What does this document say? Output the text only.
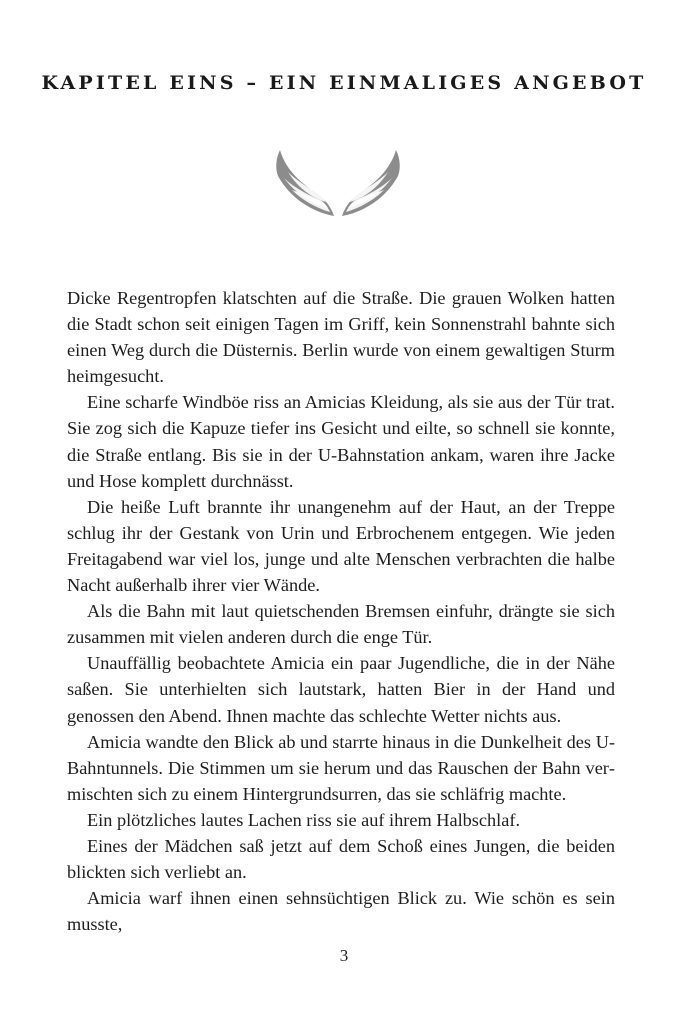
KAPITEL EINS – EIN EINMALIGES ANGEBOT

Dicke Regentropfen klatschten auf die Straße. Die grauen Wolken hatten die Stadt schon seit einigen Tagen im Griff, kein Sonnenstrahl bahnte sich einen Weg durch die Düsternis. Berlin wurde von einem gewaltigen Sturm heimgesucht.

Eine scharfe Windböe riss an Amicias Kleidung, als sie aus der Tür trat. Sie zog sich die Kapuze tiefer ins Gesicht und eilte, so schnell sie konnte, die Straße entlang. Bis sie in der U-Bahnstation ankam, waren ihre Jacke und Hose komplett durchnässt.

Die heiße Luft brannte ihr unangenehm auf der Haut, an der Treppe schlug ihr der Gestank von Urin und Erbrochenem entgegen. Wie jeden Freitagabend war viel los, junge und alte Menschen verbrachten die halbe Nacht außerhalb ihrer vier Wände.

Als die Bahn mit laut quietschenden Bremsen einfuhr, drängte sie sich zusammen mit vielen anderen durch die enge Tür.

Unauffällig beobachtete Amicia ein paar Jugendliche, die in der Nähe saßen. Sie unterhielten sich lautstark, hatten Bier in der Hand und genossen den Abend. Ihnen machte das schlechte Wetter nichts aus.

Amicia wandte den Blick ab und starrte hinaus in die Dunkelheit des U-Bahntunnels. Die Stimmen um sie herum und das Rauschen der Bahn vermischten sich zu einem Hintergrundsurren, das sie schläfrig machte.

Ein plötzliches lautes Lachen riss sie auf ihrem Halbschlaf.

Eines der Mädchen saß jetzt auf dem Schoß eines Jungen, die beiden blickten sich verliebt an.

Amicia warf ihnen einen sehnsüchtigen Blick zu. Wie schön es sein musste,

3
